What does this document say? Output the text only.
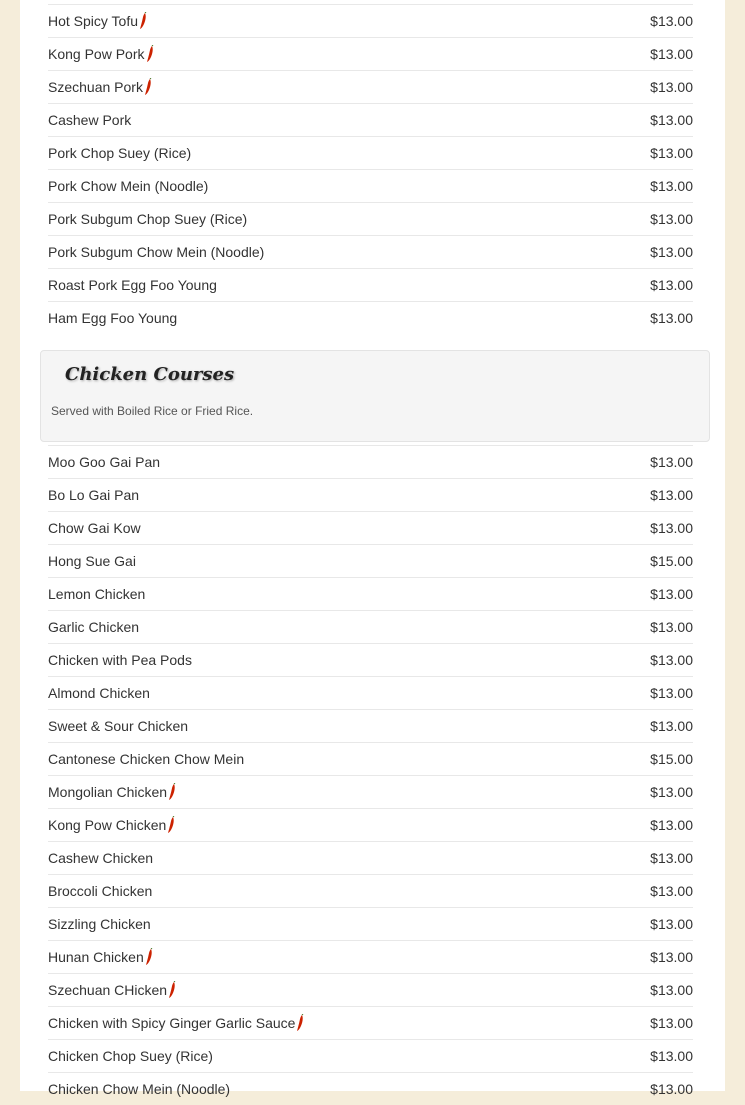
Hot Spicy Tofu	$13.00
Kong Pow Pork	$13.00
Szechuan Pork	$13.00
Cashew Pork	$13.00
Pork Chop Suey (Rice)	$13.00
Pork Chow Mein (Noodle)	$13.00
Pork Subgum Chop Suey (Rice)	$13.00
Pork Subgum Chow Mein (Noodle)	$13.00
Roast Pork Egg Foo Young	$13.00
Ham Egg Foo Young	$13.00
Chicken Courses
Served with Boiled Rice or Fried Rice.
Moo Goo Gai Pan	$13.00
Bo Lo Gai Pan	$13.00
Chow Gai Kow	$13.00
Hong Sue Gai	$15.00
Lemon Chicken	$13.00
Garlic Chicken	$13.00
Chicken with Pea Pods	$13.00
Almond Chicken	$13.00
Sweet & Sour Chicken	$13.00
Cantonese Chicken Chow Mein	$15.00
Mongolian Chicken	$13.00
Kong Pow Chicken	$13.00
Cashew Chicken	$13.00
Broccoli Chicken	$13.00
Sizzling Chicken	$13.00
Hunan Chicken	$13.00
Szechuan CHicken	$13.00
Chicken with Spicy Ginger Garlic Sauce	$13.00
Chicken Chop Suey (Rice)	$13.00
Chicken Chow Mein (Noodle)	$13.00
